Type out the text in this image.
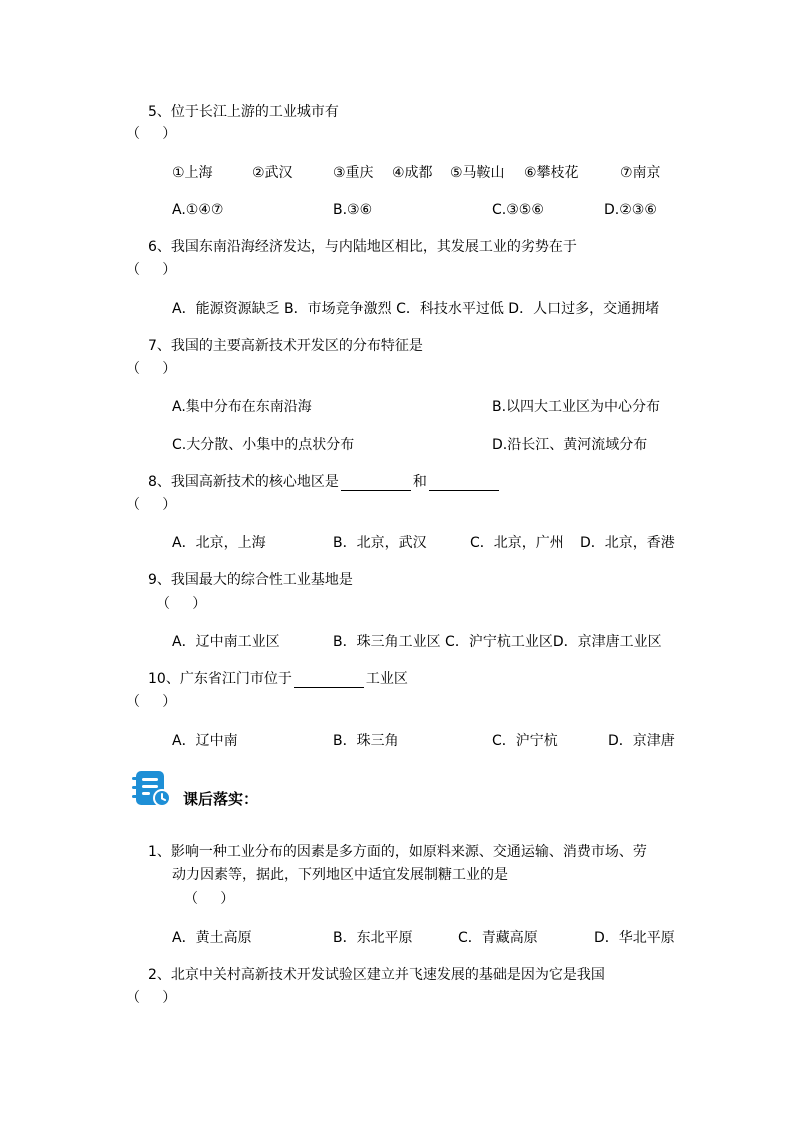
5、位于长江上游的工业城市有
（     ）
①上海	②武汉	③重庆 ④成都 ⑤马鞍山 ⑥攀枝花	⑦南京
A.①④⑦	B.③⑥	C.③⑤⑥	D.②③⑥
6、我国东南沿海经济发达，与内陆地区相比，其发展工业的劣势在于
（     ）
A．能源资源缺乏 B．市场竞争激烈 C．科技水平过低 D．人口过多，交通拥堵
7、我国的主要高新技术开发区的分布特征是
（     ）
A.集中分布在东南沿海	B.以四大工业区为中心分布
C.大分散、小集中的点状分布	D.沿长江、黄河流域分布
8、我国高新技术的核心地区是	和
（     ）
A．北京，上海	B．北京，武汉	C．北京，广州 D．北京，香港
9、我国最大的综合性工业基地是
（     ）
A．辽中南工业区	B．珠三角工业区 C．沪宁杭工业区D．京津唐工业区
10、广东省江门市位于	工业区
（     ）
A．辽中南	B．珠三角	C．沪宁杭	D．京津唐
课后落实：
1、影响一种工业分布的因素是多方面的，如原料来源、交通运输、消费市场、劳
动力因素等，据此，下列地区中适宜发展制糖工业的是
（     ）
A．黄土高原	B．东北平原	C．青藏高原	D．华北平原
2、北京中关村高新技术开发试验区建立并飞速发展的基础是因为它是我国
（     ）
